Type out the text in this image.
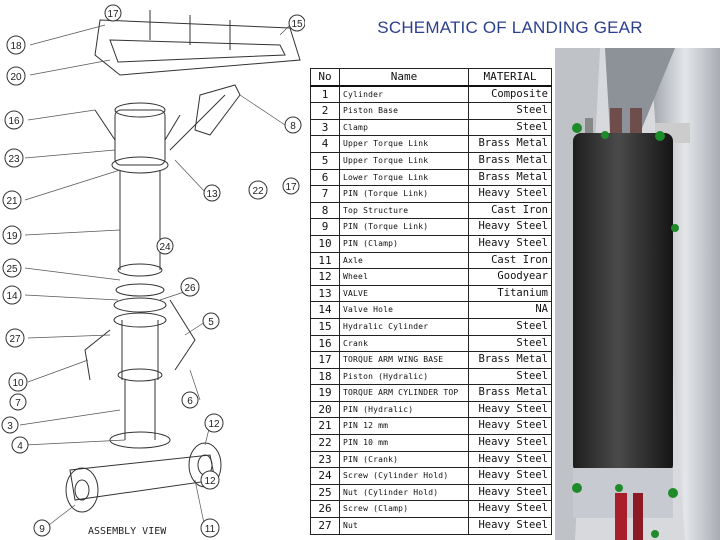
SCHEMATIC OF LANDING GEAR
17
15
18
20
16	8
23
13	22 17
21
19
24
25
14
26
5
27
10
7	6
3	12
4
12
9	11
ASSEMBLY VIEW
No	Name	MATERIAL
1	Cylinder	Composite
2	Piston Base	Steel
3	Clamp	Steel
4	Upper Torque Link	Brass Metal
5	Upper Torque Link	Brass Metal
6	Lower Torque Link	Brass Metal
7	PIN (Torque Link)	Heavy Steel
8	Top Structure	Cast Iron
9	PIN (Torque Link)	Heavy Steel
10	PIN (Clamp)	Heavy Steel
11	Axle	Cast Iron
12	Wheel	Goodyear
13	VALVE	Titanium
14	Valve Hole	NA
15	Hydralic Cylinder	Steel
16	Crank	Steel
17	TORQUE ARM WING BASE	Brass Metal
18	Piston (Hydralic)	Steel
19	TORQUE ARM CYLINDER TOP	Brass Metal
20	PIN (Hydralic)	Heavy Steel
21	PIN 12 mm	Heavy Steel
22	PIN 10 mm	Heavy Steel
23	PIN (Crank)	Heavy Steel
24	Screw (Cylinder Hold)	Heavy Steel
25	Nut (Cylinder Hold)	Heavy Steel
26	Screw (Clamp)	Heavy Steel
27	Nut	Heavy Steel
